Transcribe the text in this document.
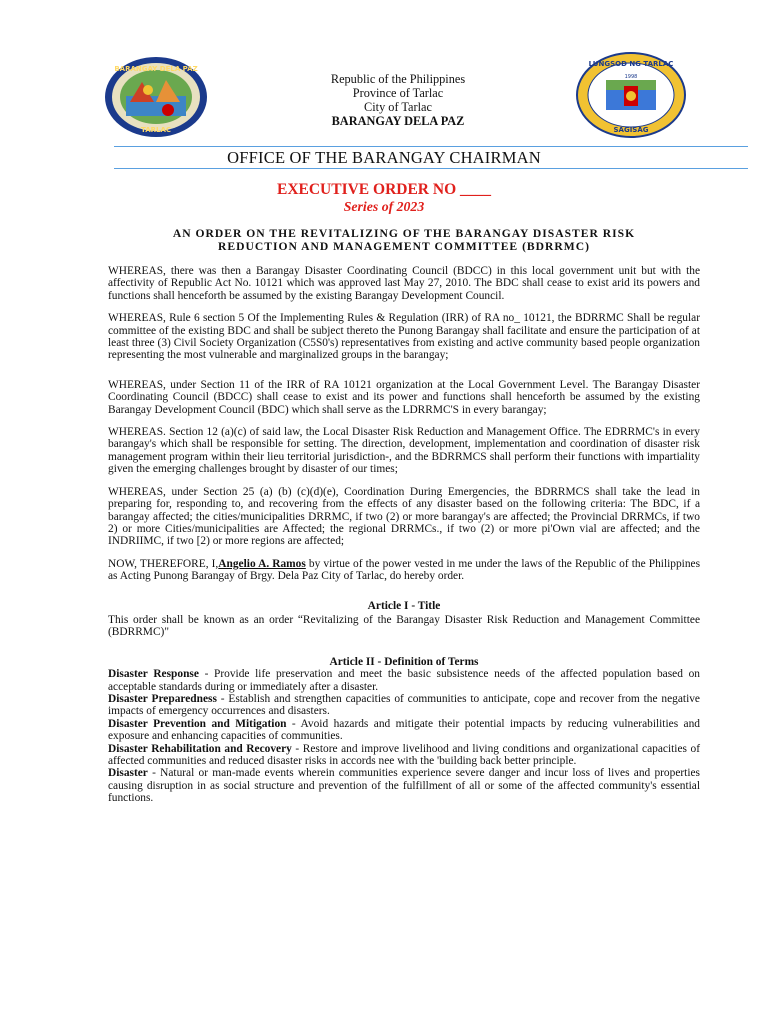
BARANGAY DELA PAZ
TARLAC
Republic of the Philippines
Province of Tarlac
City of Tarlac
BARANGAY DELA PAZ
LUNGSOD NG TARLAC
1998
SAGISAG
OFFICE OF THE BARANGAY CHAIRMAN
EXECUTIVE ORDER NO ____
Series of 2023
AN ORDER ON THE REVITALIZING OF THE BARANGAY DISASTER RISK
REDUCTION AND MANAGEMENT COMMITTEE (BDRRMC)

WHEREAS, there was then a Barangay Disaster Coordinating Council (BDCC) in this local government unit but with the affectivity of Republic Act No. 10121 which was approved last May 27, 2010. The BDC shall cease to exist arid its powers and functions shall henceforth be assumed by the existing Barangay Development Council.

WHEREAS, Rule 6 section 5 Of the Implementing Rules & Regulation (IRR) of RA no_ 10121, the BDRRMC Shall be regular committee of the existing BDC and shall be subject thereto the Punong Barangay shall facilitate and ensure the participation of at least three (3) Civil Society Organization (C5S0's) representatives from existing and active community based people organization representing the most vulnerable and marginalized groups in the barangay;

WHEREAS, under Section 11 of the IRR of RA 10121 organization at the Local Government Level. The Barangay Disaster Coordinating Council (BDCC) shall cease to exist and its power and functions shall henceforth be assumed by the existing Barangay Development Council (BDC) which shall serve as the LDRRMC'S in every barangay;

WHEREAS. Section 12 (a)(c) of said law, the Local Disaster Risk Reduction and Management Office. The EDRRMC's in every barangay's which shall be responsible for setting. The direction, development, implementation and coordination of disaster risk management program within their lieu territorial jurisdiction-, and the BDRRMCS shall perform their functions with impartiality given the emerging challenges brought by disaster of our times;

WHEREAS, under Section 25 (a) (b) (c)(d)(e), Coordination During Emergencies, the BDRRMCS shall take the lead in preparing for, responding to, and recovering from the effects of any disaster based on the following criteria: The BDC, if a barangay affected; the cities/municipalities DRRMC, if two (2) or more barangay's are affected; the Provincial DRRMCs, if two 2) or more Cities/municipalities are Affected; the regional DRRMCs., if two (2) or more pi'Own vial are affected; and the INDRIIMC, if two [2) or more regions are affected;

NOW, THEREFORE, I,Angelio A. Ramos by virtue of the power vested in me under the laws of the Republic of the Philippines as Acting Punong Barangay of Brgy. Dela Paz City of Tarlac, do hereby order.

Article I - Title

This order shall be known as an order “Revitalizing of the Barangay Disaster Risk Reduction and Management Committee (BDRRMC)"

Article II - Definition of Terms

Disaster Response - Provide life preservation and meet the basic subsistence needs of the affected population based on acceptable standards during or immediately after a disaster.

Disaster Preparedness - Establish and strengthen capacities of communities to anticipate, cope and recover from the negative impacts of emergency occurrences and disasters.

Disaster Prevention and Mitigation - Avoid hazards and mitigate their potential impacts by reducing vulnerabilities and exposure and enhancing capacities of communities.

Disaster Rehabilitation and Recovery - Restore and improve livelihood and living conditions and organizational capacities of affected communities and reduced disaster risks in accords nee with the 'building back better principle.

Disaster - Natural or man-made events wherein communities experience severe danger and incur loss of lives and properties causing disruption in as social structure and prevention of the fulfillment of all or some of the affected community's essential functions.
